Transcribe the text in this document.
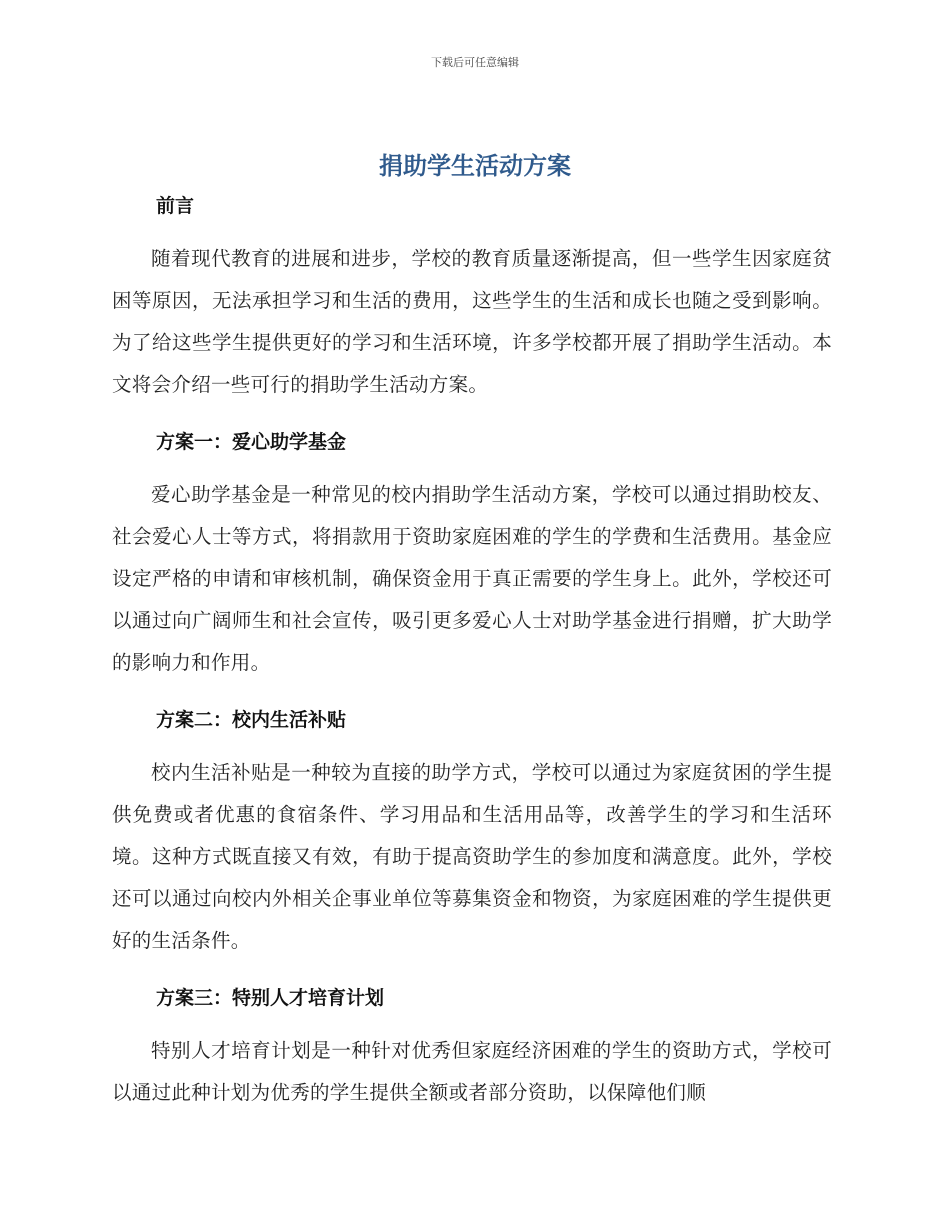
下载后可任意编辑
捐助学生活动方案
前言

随着现代教育的进展和进步，学校的教育质量逐渐提高，但一些学生因家庭贫困等原因，无法承担学习和生活的费用，这些学生的生活和成长也随之受到影响。为了给这些学生提供更好的学习和生活环境，许多学校都开展了捐助学生活动。本文将会介绍一些可行的捐助学生活动方案。

方案一：爱心助学基金

爱心助学基金是一种常见的校内捐助学生活动方案，学校可以通过捐助校友、社会爱心人士等方式，将捐款用于资助家庭困难的学生的学费和生活费用。基金应设定严格的申请和审核机制，确保资金用于真正需要的学生身上。此外，学校还可以通过向广阔师生和社会宣传，吸引更多爱心人士对助学基金进行捐赠，扩大助学的影响力和作用。

方案二：校内生活补贴

校内生活补贴是一种较为直接的助学方式，学校可以通过为家庭贫困的学生提供免费或者优惠的食宿条件、学习用品和生活用品等，改善学生的学习和生活环境。这种方式既直接又有效，有助于提高资助学生的参加度和满意度。此外，学校还可以通过向校内外相关企事业单位等募集资金和物资，为家庭困难的学生提供更好的生活条件。

方案三：特别人才培育计划

特别人才培育计划是一种针对优秀但家庭经济困难的学生的资助方式，学校可以通过此种计划为优秀的学生提供全额或者部分资助，以保障他们顺
